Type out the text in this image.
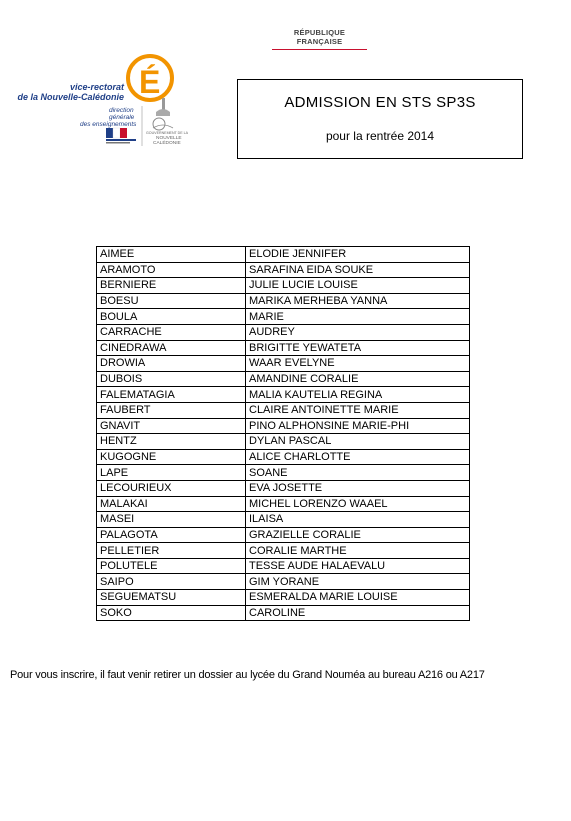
RÉPUBLIQUE FRANÇAISE
É
vice-rectorat
de la Nouvelle-Calédonie
direction
générale
des enseignements
GOUVERNEMENT DE LA
NOUVELLE
CALÉDONIE
ADMISSION EN STS SP3S
pour la rentrée 2014
AIMEE	ELODIE JENNIFER
ARAMOTO	SARAFINA EIDA SOUKE
BERNIERE	JULIE LUCIE LOUISE
BOESU	MARIKA MERHEBA YANNA
BOULA	MARIE
CARRACHE	AUDREY
CINEDRAWA	BRIGITTE YEWATETA
DROWIA	WAAR EVELYNE
DUBOIS	AMANDINE CORALIE
FALEMATAGIA	MALIA KAUTELIA REGINA
FAUBERT	CLAIRE ANTOINETTE MARIE
GNAVIT	PINO ALPHONSINE MARIE-PHI
HENTZ	DYLAN PASCAL
KUGOGNE	ALICE CHARLOTTE
LAPE	SOANE
LECOURIEUX	EVA JOSETTE
MALAKAI	MICHEL LORENZO WAAEL
MASEI	ILAISA
PALAGOTA	GRAZIELLE CORALIE
PELLETIER	CORALIE MARTHE
POLUTELE	TESSE AUDE HALAEVALU
SAIPO	GIM YORANE
SEGUEMATSU	ESMERALDA MARIE LOUISE
SOKO	CAROLINE
Pour vous inscrire, il faut venir retirer un dossier au lycée du Grand Nouméa au bureau A216 ou A217
